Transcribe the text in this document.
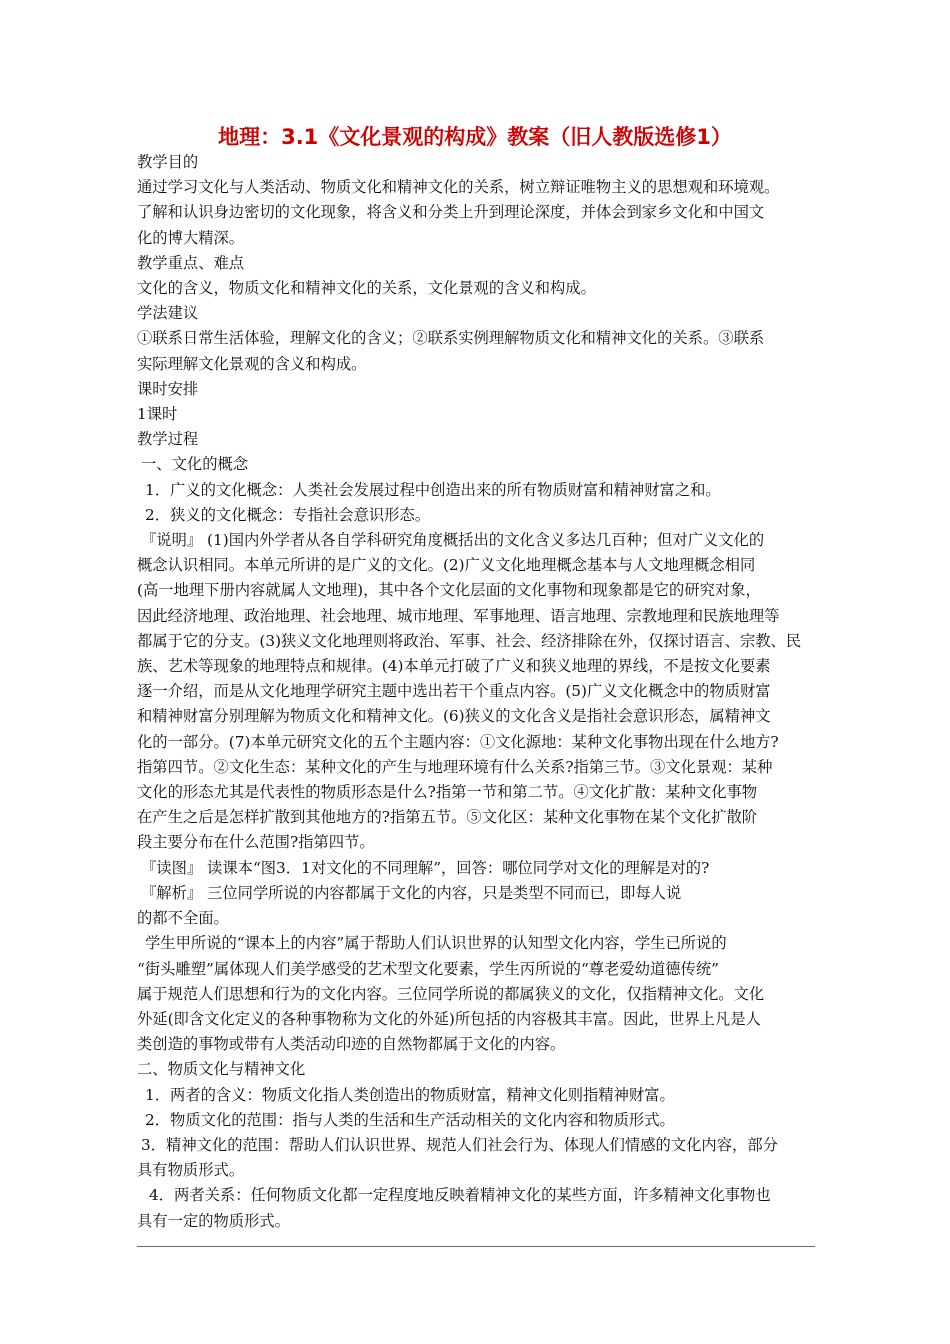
地理：3.1《文化景观的构成》教案（旧人教版选修1）

教学目的

通过学习文化与人类活动、物质文化和精神文化的关系，树立辩证唯物主义的思想观和环境观。

了解和认识身边密切的文化现象，将含义和分类上升到理论深度，并体会到家乡文化和中国文

化的博大精深。

教学重点、难点

文化的含义，物质文化和精神文化的关系，文化景观的含义和构成。

学法建议

①联系日常生活体验，理解文化的含义；②联系实例理解物质文化和精神文化的关系。③联系

实际理解文化景观的含义和构成。

课时安排

1课时

教学过程

一、文化的概念

1．广义的文化概念：人类社会发展过程中创造出来的所有物质财富和精神财富之和。

2．狭义的文化概念：专指社会意识形态。

『说明』 (1)国内外学者从各自学科研究角度概括出的文化含义多达几百种；但对广义文化的

概念认识相同。本单元所讲的是广义的文化。(2)广义文化地理概念基本与人文地理概念相同

(高一地理下册内容就属人文地理)，其中各个文化层面的文化事物和现象都是它的研究对象，

因此经济地理、政治地理、社会地理、城市地理、军事地理、语言地理、宗教地理和民族地理等

都属于它的分支。(3)狭义文化地理则将政治、军事、社会、经济排除在外，仅探讨语言、宗教、民

族、艺术等现象的地理特点和规律。(4)本单元打破了广义和狭义地理的界线，不是按文化要素

逐一介绍，而是从文化地理学研究主题中选出若干个重点内容。(5)广义文化概念中的物质财富

和精神财富分别理解为物质文化和精神文化。(6)狭义的文化含义是指社会意识形态，属精神文

化的一部分。(7)本单元研究文化的五个主题内容：①文化源地：某种文化事物出现在什么地方?

指第四节。②文化生态：某种文化的产生与地理环境有什么关系?指第三节。③文化景观：某种

文化的形态尤其是代表性的物质形态是什么?指第一节和第二节。④文化扩散：某种文化事物

在产生之后是怎样扩散到其他地方的?指第五节。⑤文化区：某种文化事物在某个文化扩散阶

段主要分布在什么范围?指第四节。

『读图』 读课本“图3．1对文化的不同理解”，回答：哪位同学对文化的理解是对的?

『解析』 三位同学所说的内容都属于文化的内容，只是类型不同而已，即每人说

的都不全面。

学生甲所说的“课本上的内容”属于帮助人们认识世界的认知型文化内容，学生已所说的

“街头雕塑”属体现人们美学感受的艺术型文化要素，学生丙所说的“尊老爱幼道德传统”

属于规范人们思想和行为的文化内容。三位同学所说的都属狭义的文化，仅指精神文化。文化

外延(即含文化定义的各种事物称为文化的外延)所包括的内容极其丰富。因此，世界上凡是人

类创造的事物或带有人类活动印迹的自然物都属于文化的内容。

二、物质文化与精神文化

1．两者的含义：物质文化指人类创造出的物质财富，精神文化则指精神财富。

2．物质文化的范围：指与人类的生活和生产活动相关的文化内容和物质形式。

3．精神文化的范围：帮助人们认识世界、规范人们社会行为、体现人们情感的文化内容，部分

具有物质形式。

4．两者关系：任何物质文化都一定程度地反映着精神文化的某些方面，许多精神文化事物也

具有一定的物质形式。
